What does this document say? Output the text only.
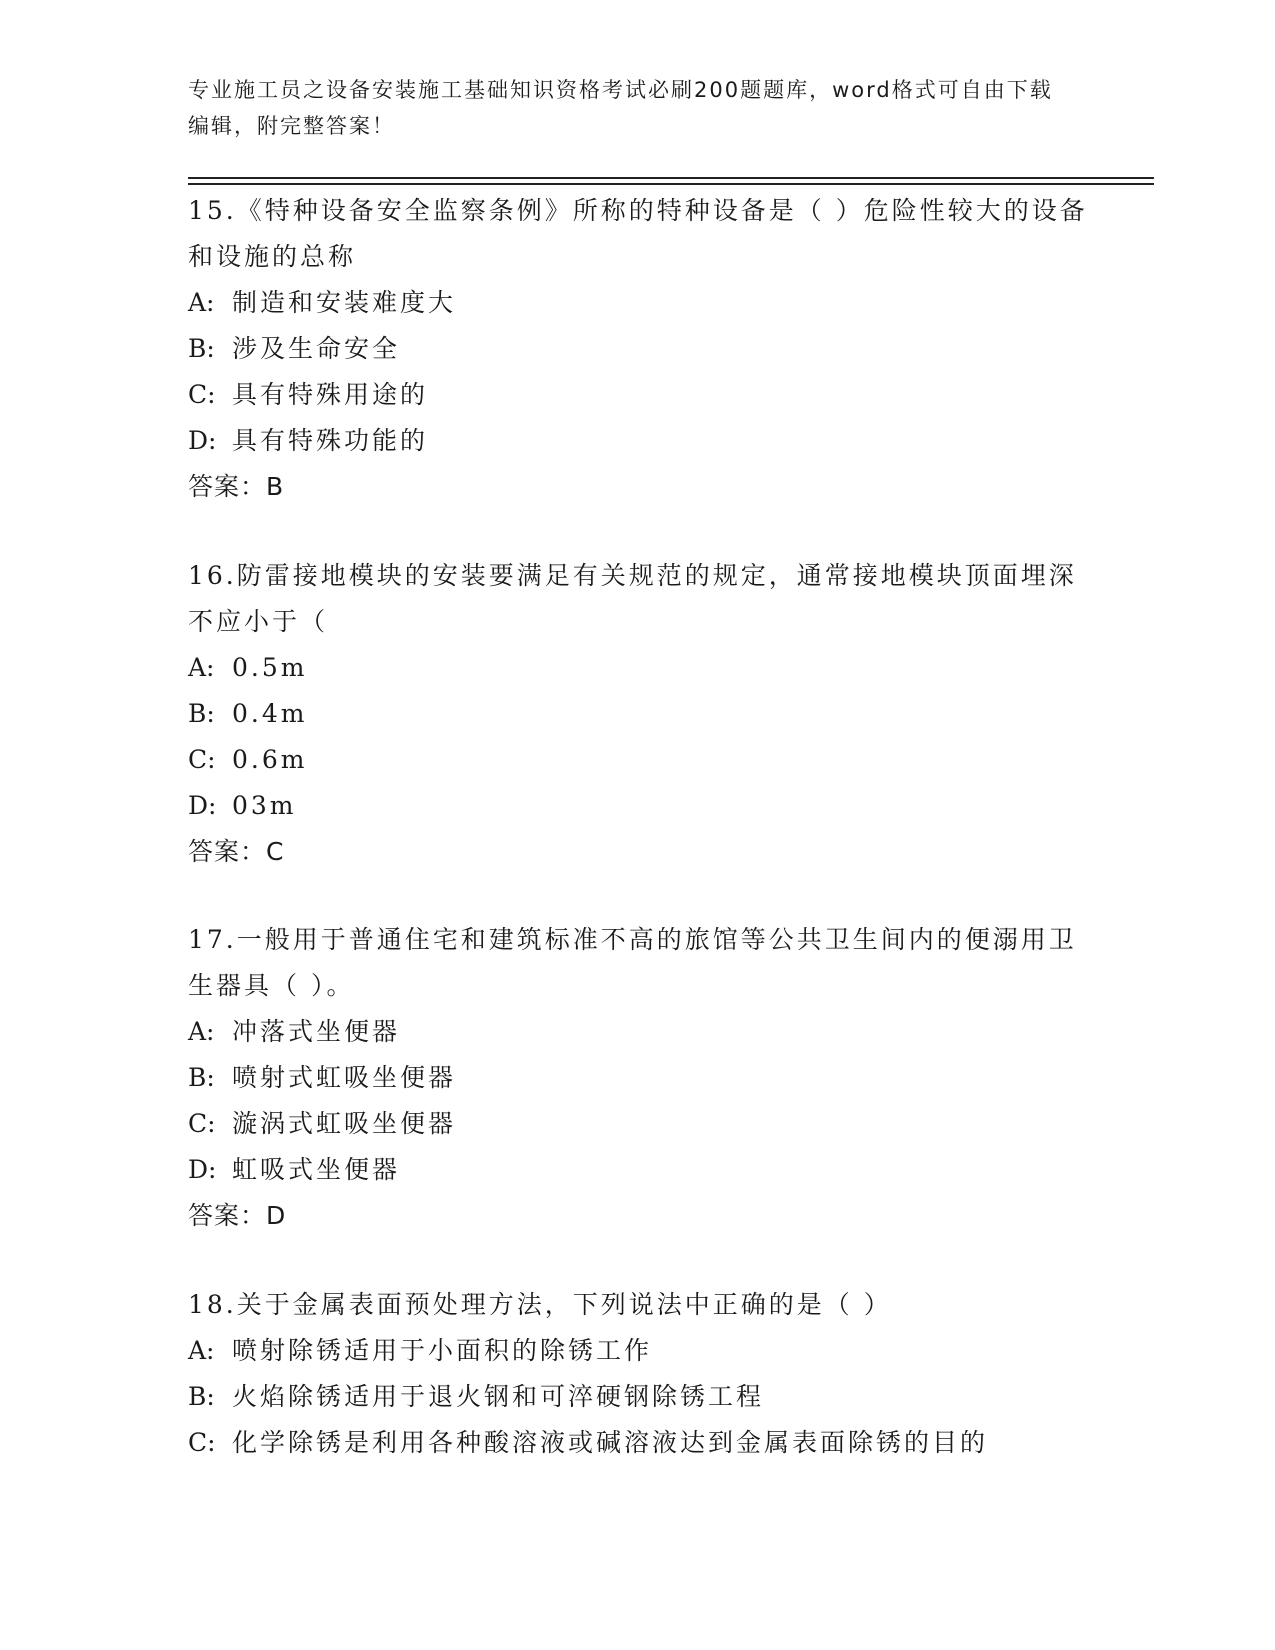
专业施工员之设备安装施工基础知识资格考试必刷200题题库，word格式可自由下载编辑，附完整答案！

15.《特种设备安全监察条例》所称的特种设备是（ ）危险性较大的设备和设施的总称

A: 制造和安装难度大
B: 涉及生命安全
C: 具有特殊用途的
D: 具有特殊功能的

答案：B

16.防雷接地模块的安装要满足有关规范的规定，通常接地模块顶面埋深不应小于（

A: 0.5m
B: 0.4m
C: 0.6m
D: 03m

答案：C

17.一般用于普通住宅和建筑标准不高的旅馆等公共卫生间内的便溺用卫生器具（ ）。

A: 冲落式坐便器
B: 喷射式虹吸坐便器
C: 漩涡式虹吸坐便器
D: 虹吸式坐便器

答案：D

18.关于金属表面预处理方法，下列说法中正确的是（ ）

A: 喷射除锈适用于小面积的除锈工作
B: 火焰除锈适用于退火钢和可淬硬钢除锈工程
C: 化学除锈是利用各种酸溶液或碱溶液达到金属表面除锈的目的
